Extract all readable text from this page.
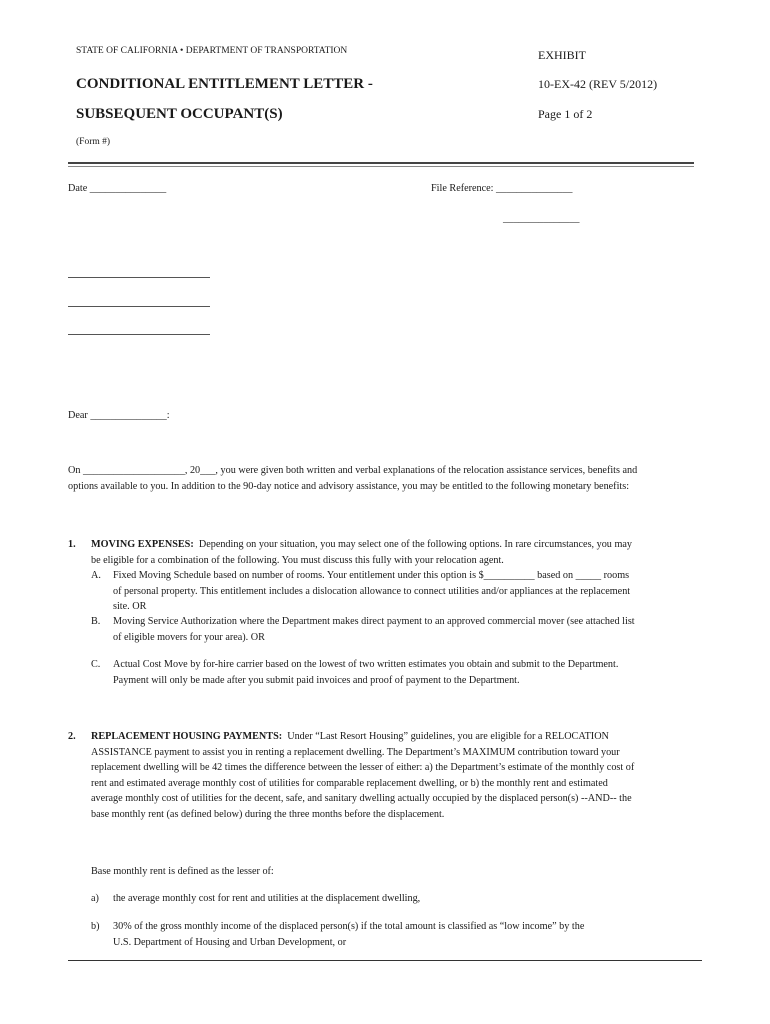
STATE OF CALIFORNIA • DEPARTMENT OF TRANSPORTATION
CONDITIONAL ENTITLEMENT LETTER -
SUBSEQUENT OCCUPANT(S)
(Form #)
EXHIBIT
10-EX-42 (REV 5/2012)
Page 1 of 2
Date _______________	File Reference: _______________
_______________
Dear _______________:
On ____________________, 20___, you were given both written and verbal explanations of the relocation assistance services, benefits and
options available to you. In addition to the 90-day notice and advisory assistance, you may be entitled to the following monetary benefits:
1. MOVING EXPENSES: Depending on your situation, you may select one of the following options. In rare circumstances, you may
be eligible for a combination of the following. You must discuss this fully with your relocation agent.
A. Fixed Moving Schedule based on number of rooms. Your entitlement under this option is $__________ based on _____ rooms
of personal property. This entitlement includes a dislocation allowance to connect utilities and/or appliances at the replacement
site. OR
B. Moving Service Authorization where the Department makes direct payment to an approved commercial mover (see attached list
of eligible movers for your area). OR
C. Actual Cost Move by for-hire carrier based on the lowest of two written estimates you obtain and submit to the Department.
Payment will only be made after you submit paid invoices and proof of payment to the Department.
2. REPLACEMENT HOUSING PAYMENTS: Under “Last Resort Housing” guidelines, you are eligible for a RELOCATION
ASSISTANCE payment to assist you in renting a replacement dwelling. The Department’s MAXIMUM contribution toward your
replacement dwelling will be 42 times the difference between the lesser of either: a) the Department’s estimate of the monthly cost of
rent and estimated average monthly cost of utilities for comparable replacement dwelling, or b) the monthly rent and estimated
average monthly cost of utilities for the decent, safe, and sanitary dwelling actually occupied by the displaced person(s) --AND-- the
base monthly rent (as defined below) during the three months before the displacement.
Base monthly rent is defined as the lesser of:
a) the average monthly cost for rent and utilities at the displacement dwelling,
b) 30% of the gross monthly income of the displaced person(s) if the total amount is classified as “low income” by the
U.S. Department of Housing and Urban Development, or
